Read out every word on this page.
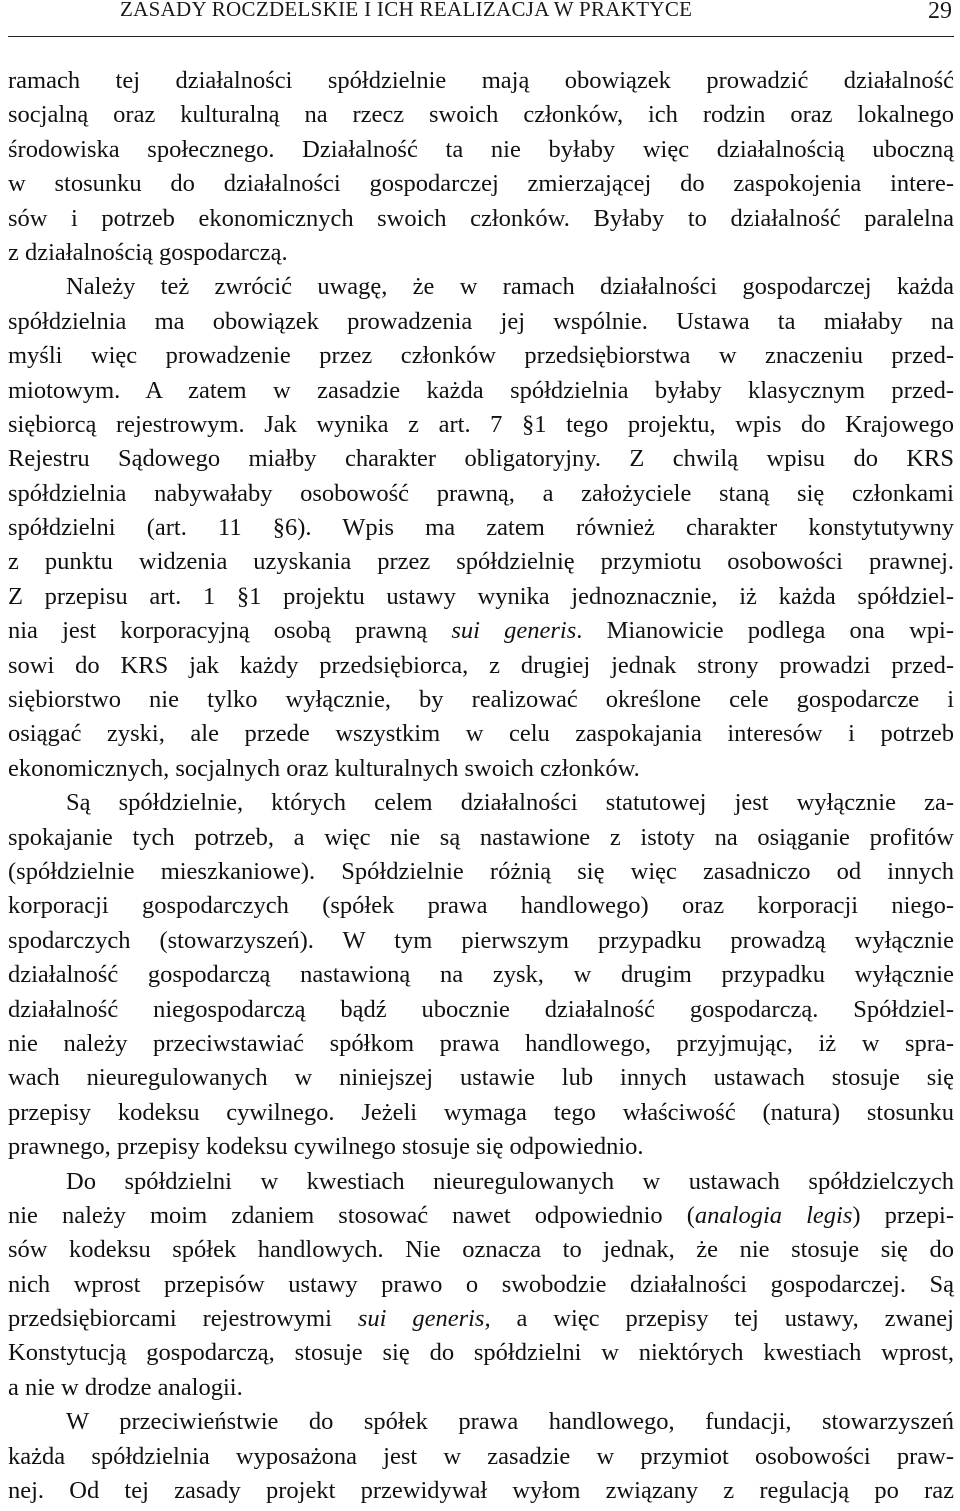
ZASADY ROCZDELSKIE I ICH REALIZACJA W PRAKTYCE	29
ramach tej działalności spółdzielnie mają obowiązek prowadzić działalność
socjalną oraz kulturalną na rzecz swoich członków, ich rodzin oraz lokalnego
środowiska społecznego. Działalność ta nie byłaby więc działalnością uboczną
w stosunku do działalności gospodarczej zmierzającej do zaspokojenia intere-
sów i potrzeb ekonomicznych swoich członków. Byłaby to działalność paralelna
z działalnością gospodarczą.
Należy też zwrócić uwagę, że w ramach działalności gospodarczej każda
spółdzielnia ma obowiązek prowadzenia jej wspólnie. Ustawa ta miałaby na
myśli więc prowadzenie przez członków przedsiębiorstwa w znaczeniu przed-
miotowym. A zatem w zasadzie każda spółdzielnia byłaby klasycznym przed-
siębiorcą rejestrowym. Jak wynika z art. 7 §1 tego projektu, wpis do Krajowego
Rejestru Sądowego miałby charakter obligatoryjny. Z chwilą wpisu do KRS
spółdzielnia nabywałaby osobowość prawną, a założyciele staną się członkami
spółdzielni (art. 11 §6). Wpis ma zatem również charakter konstytutywny
z punktu widzenia uzyskania przez spółdzielnię przymiotu osobowości prawnej.
Z przepisu art. 1 §1 projektu ustawy wynika jednoznacznie, iż każda spółdziel-
nia jest korporacyjną osobą prawną sui generis. Mianowicie podlega ona wpi-
sowi do KRS jak każdy przedsiębiorca, z drugiej jednak strony prowadzi przed-
siębiorstwo nie tylko wyłącznie, by realizować określone cele gospodarcze i
osiągać zyski, ale przede wszystkim w celu zaspokajania interesów i potrzeb
ekonomicznych, socjalnych oraz kulturalnych swoich członków.
Są spółdzielnie, których celem działalności statutowej jest wyłącznie za-
spokajanie tych potrzeb, a więc nie są nastawione z istoty na osiąganie profitów
(spółdzielnie mieszkaniowe). Spółdzielnie różnią się więc zasadniczo od innych
korporacji gospodarczych (spółek prawa handlowego) oraz korporacji niego-
spodarczych (stowarzyszeń). W tym pierwszym przypadku prowadzą wyłącznie
działalność gospodarczą nastawioną na zysk, w drugim przypadku wyłącznie
działalność niegospodarczą bądź ubocznie działalność gospodarczą. Spółdziel-
nie należy przeciwstawiać spółkom prawa handlowego, przyjmując, iż w spra-
wach nieuregulowanych w niniejszej ustawie lub innych ustawach stosuje się
przepisy kodeksu cywilnego. Jeżeli wymaga tego właściwość (natura) stosunku
prawnego, przepisy kodeksu cywilnego stosuje się odpowiednio.
Do spółdzielni w kwestiach nieuregulowanych w ustawach spółdzielczych
nie należy moim zdaniem stosować nawet odpowiednio (analogia legis) przepi-
sów kodeksu spółek handlowych. Nie oznacza to jednak, że nie stosuje się do
nich wprost przepisów ustawy prawo o swobodzie działalności gospodarczej. Są
przedsiębiorcami rejestrowymi sui generis, a więc przepisy tej ustawy, zwanej
Konstytucją gospodarczą, stosuje się do spółdzielni w niektórych kwestiach wprost,
a nie w drodze analogii.
W przeciwieństwie do spółek prawa handlowego, fundacji, stowarzyszeń
każda spółdzielnia wyposażona jest w zasadzie w przymiot osobowości praw-
nej. Od tej zasady projekt przewidywał wyłom związany z regulacją po raz
